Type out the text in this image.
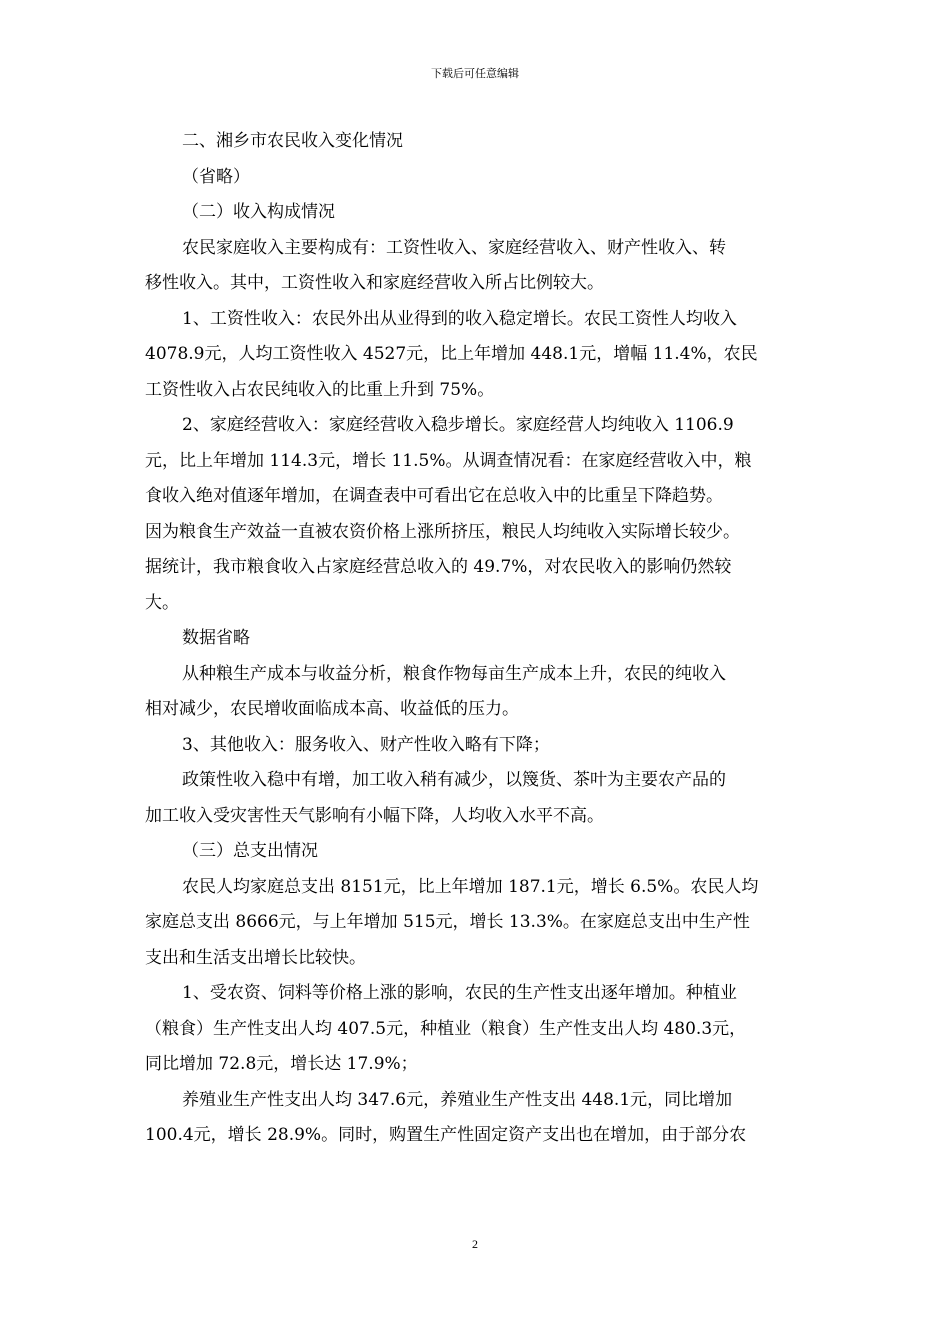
下载后可任意编辑
二、湘乡市农民收入变化情况
（省略）
（二）收入构成情况
农民家庭收入主要构成有：工资性收入、家庭经营收入、财产性收入、转
移性收入。其中，工资性收入和家庭经营收入所占比例较大。
1、工资性收入：农民外出从业得到的收入稳定增长。农民工资性人均收入
4078.9元，人均工资性收入 4527元，比上年增加 448.1元，增幅 11.4%，农民
工资性收入占农民纯收入的比重上升到 75%。
2、家庭经营收入：家庭经营收入稳步增长。家庭经营人均纯收入 1106.9
元，比上年增加 114.3元，增长 11.5%。从调查情况看：在家庭经营收入中，粮
食收入绝对值逐年增加，在调查表中可看出它在总收入中的比重呈下降趋势。
因为粮食生产效益一直被农资价格上涨所挤压，粮民人均纯收入实际增长较少。
据统计，我市粮食收入占家庭经营总收入的 49.7%，对农民收入的影响仍然较
大。
数据省略
从种粮生产成本与收益分析，粮食作物每亩生产成本上升，农民的纯收入
相对减少，农民增收面临成本高、收益低的压力。
3、其他收入：服务收入、财产性收入略有下降；
政策性收入稳中有增，加工收入稍有减少，以篾货、茶叶为主要农产品的
加工收入受灾害性天气影响有小幅下降，人均收入水平不高。
（三）总支出情况
农民人均家庭总支出 8151元，比上年增加 187.1元，增长 6.5%。农民人均
家庭总支出 8666元，与上年增加 515元，增长 13.3%。在家庭总支出中生产性
支出和生活支出增长比较快。
1、受农资、饲料等价格上涨的影响，农民的生产性支出逐年增加。种植业
（粮食）生产性支出人均 407.5元，种植业（粮食）生产性支出人均 480.3元，
同比增加 72.8元，增长达 17.9%；
养殖业生产性支出人均 347.6元，养殖业生产性支出 448.1元，同比增加
100.4元，增长 28.9%。同时，购置生产性固定资产支出也在增加，由于部分农
2
